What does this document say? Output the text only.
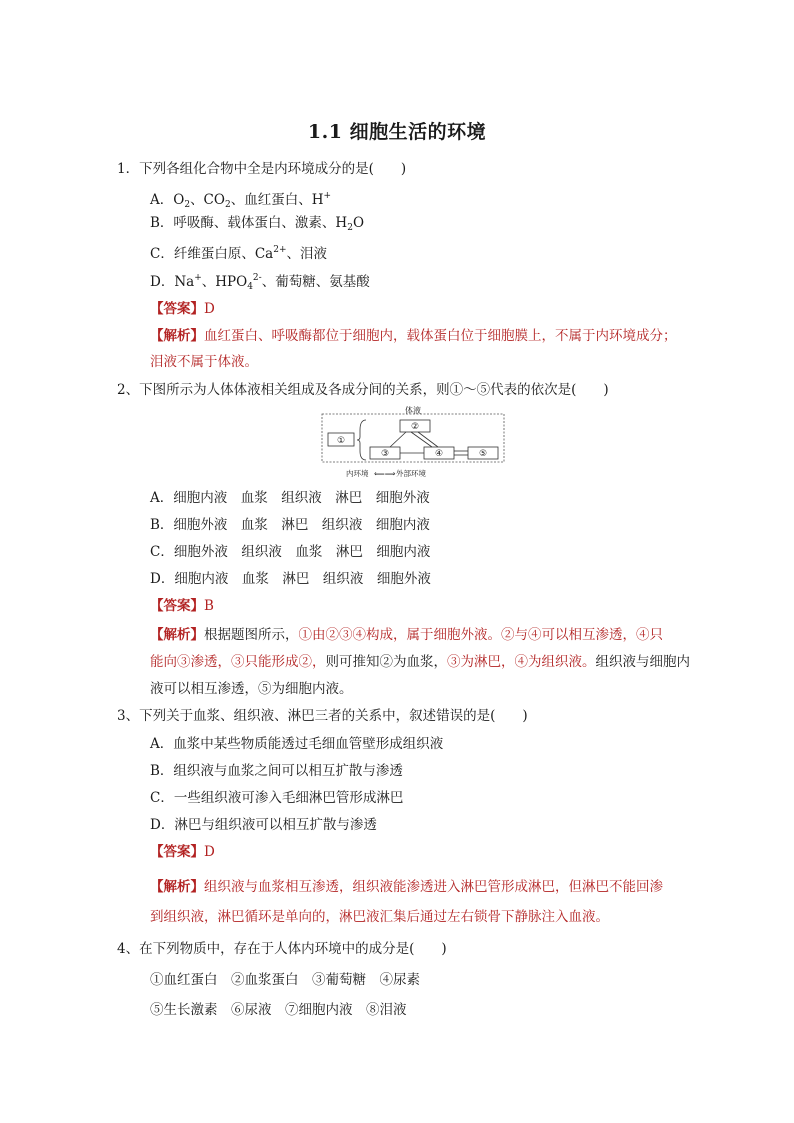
1.1 细胞生活的环境
1．下列各组化合物中全是内环境成分的是(　　)
A．$O_2$、$CO_2$、血红蛋白、H+
B．呼吸酶、载体蛋白、激素、$H_2O$
C．纤维蛋白原、$Ca^{2+}$、泪液
D．Na+、$HPO_4^{2-}$、葡萄糖、氨基酸
【答案】D
【解析】血红蛋白、呼吸酶都位于细胞内，载体蛋白位于细胞膜上，不属于内环境成分；
泪液不属于体液。
2、下图所示为人体体液相关组成及各成分间的关系，则①～⑤代表的依次是(　　)
体液
①
②
③	④	⑤
内环境 ⟸⟹ 外部环境
A．细胞内液　血浆　组织液　淋巴　细胞外液
B．细胞外液　血浆　淋巴　组织液　细胞内液
C．细胞外液　组织液　血浆　淋巴　细胞内液
D．细胞内液　血浆　淋巴　组织液　细胞外液
【答案】B
【解析】根据题图所示，①由②③④构成，属于细胞外液。②与④可以相互渗透，④只
能向③渗透，③只能形成②，则可推知②为血浆，③为淋巴，④为组织液。组织液与细胞内
液可以相互渗透，⑤为细胞内液。
3、下列关于血浆、组织液、淋巴三者的关系中，叙述错误的是(　　)
A．血浆中某些物质能透过毛细血管壁形成组织液
B．组织液与血浆之间可以相互扩散与渗透
C．一些组织液可渗入毛细淋巴管形成淋巴
D．淋巴与组织液可以相互扩散与渗透
【答案】D
【解析】组织液与血浆相互渗透，组织液能渗透进入淋巴管形成淋巴，但淋巴不能回渗
到组织液，淋巴循环是单向的，淋巴液汇集后通过左右锁骨下静脉注入血液。
4、在下列物质中，存在于人体内环境中的成分是(　　)
①血红蛋白　②血浆蛋白　③葡萄糖　④尿素
⑤生长激素　⑥尿液　⑦细胞内液　⑧泪液
